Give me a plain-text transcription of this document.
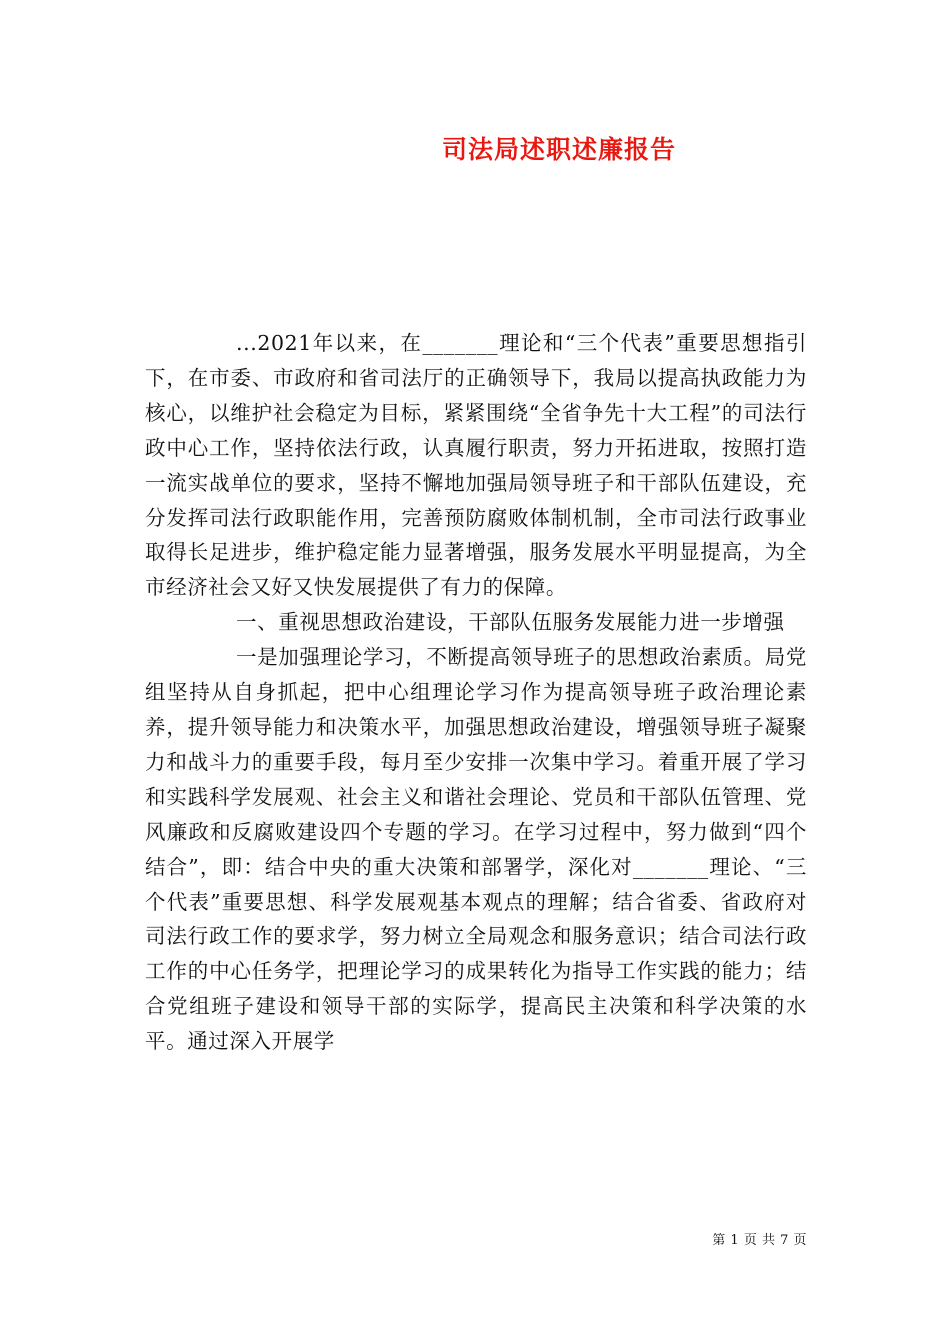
司法局述职述廉报告

...2021年以来，在_______理论和“三个代表”重要思想指引下，在市委、市政府和省司法厅的正确领导下，我局以提高执政能力为核心，以维护社会稳定为目标，紧紧围绕“全省争先十大工程”的司法行政中心工作，坚持依法行政，认真履行职责，努力开拓进取，按照打造一流实战单位的要求，坚持不懈地加强局领导班子和干部队伍建设，充分发挥司法行政职能作用，完善预防腐败体制机制，全市司法行政事业取得长足进步，维护稳定能力显著增强，服务发展水平明显提高，为全市经济社会又好又快发展提供了有力的保障。

一、重视思想政治建设，干部队伍服务发展能力进一步增强

一是加强理论学习，不断提高领导班子的思想政治素质。局党组坚持从自身抓起，把中心组理论学习作为提高领导班子政治理论素养，提升领导能力和决策水平，加强思想政治建设，增强领导班子凝聚力和战斗力的重要手段，每月至少安排一次集中学习。着重开展了学习和实践科学发展观、社会主义和谐社会理论、党员和干部队伍管理、党风廉政和反腐败建设四个专题的学习。在学习过程中，努力做到“四个结合”，即：结合中央的重大决策和部署学，深化对_______理论、“三个代表”重要思想、科学发展观基本观点的理解；结合省委、省政府对司法行政工作的要求学，努力树立全局观念和服务意识；结合司法行政工作的中心任务学，把理论学习的成果转化为指导工作实践的能力；结合党组班子建设和领导干部的实际学，提高民主决策和科学决策的水平。通过深入开展学

第 1 页 共 7 页
